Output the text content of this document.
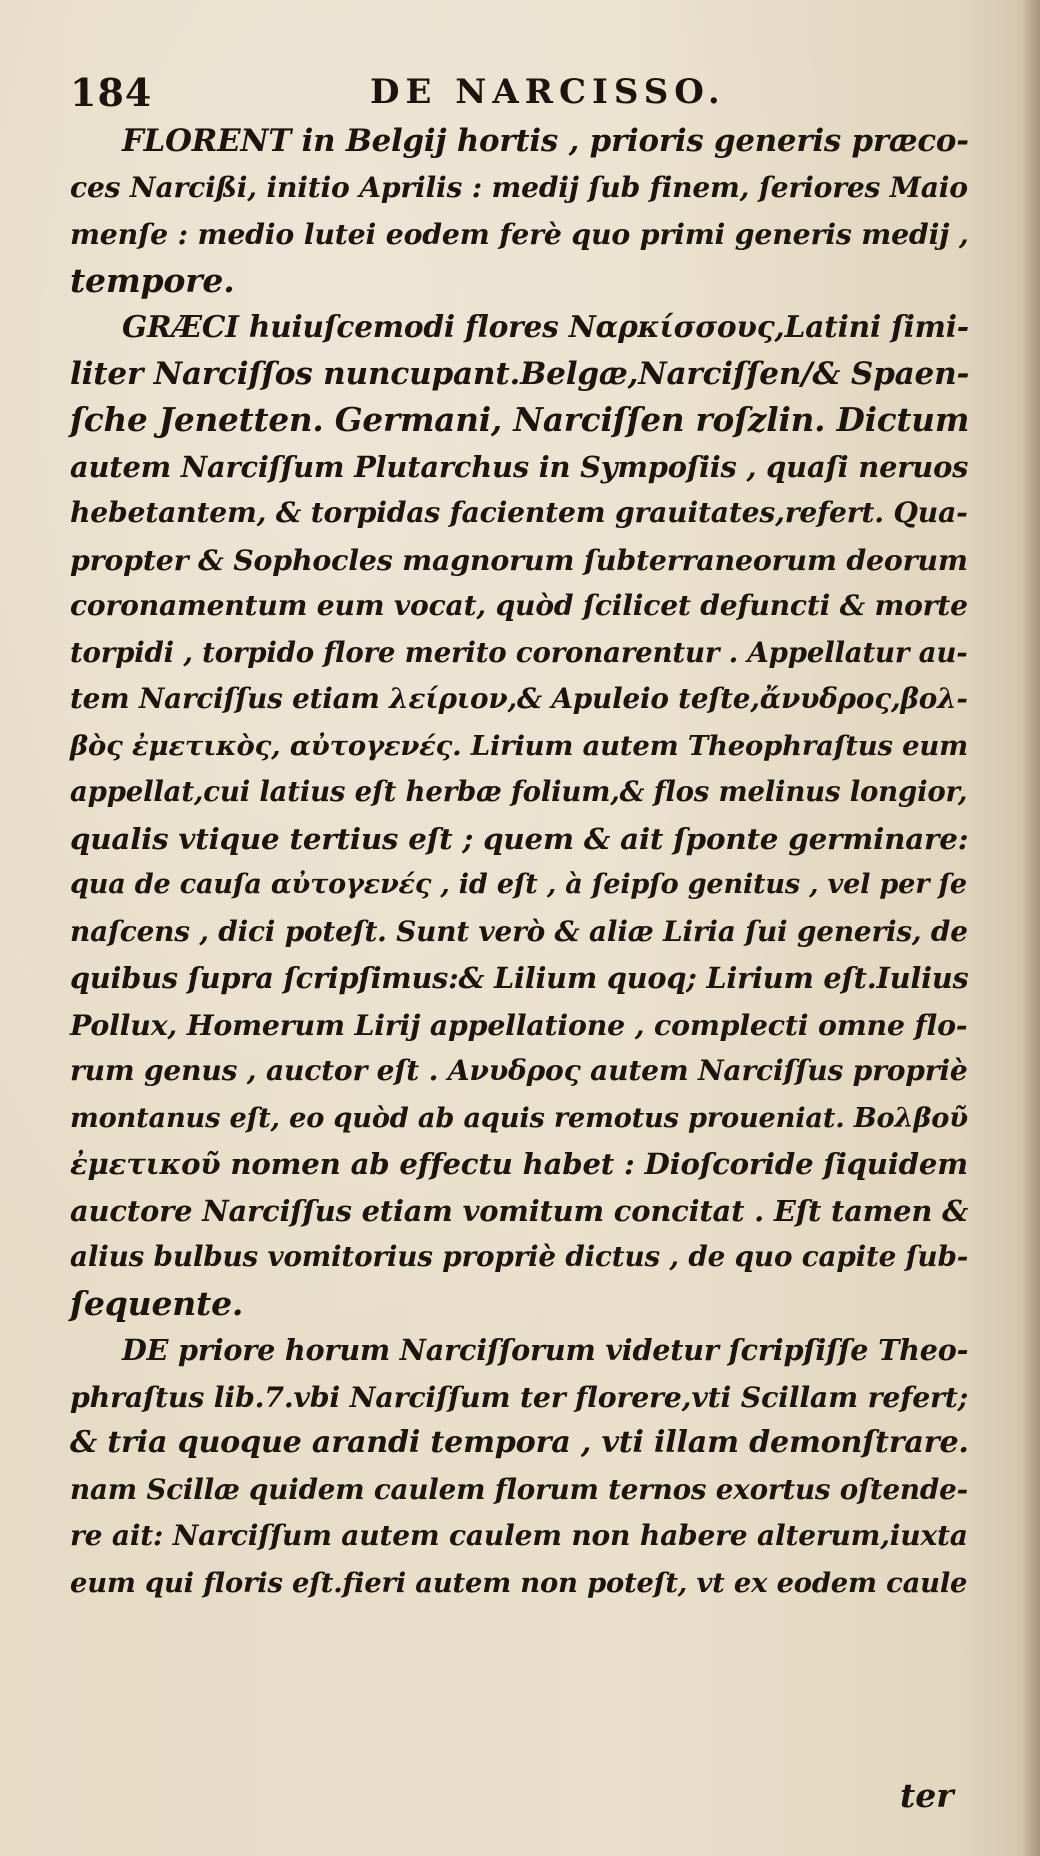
184	DE NARCISSO.
FLORENT in Belgij hortis , prioris generis præco-
ces Narcißi, initio Aprilis : medij ſub finem, ſeriores Maio
menſe : medio lutei eodem ferè quo primi generis medij ,
tempore.
GRÆCI huiuſcemodi flores Ναρκίσσους,Latini ſimi-
liter Narciſſos nuncupant.Belgæ,Narciſſen/& Spaen-
ſche Jenetten. Germani, Narciſſen roſzlin. Dictum
autem Narciſſum Plutarchus in Sympoſiis , quaſi neruos
hebetantem, & torpidas facientem grauitates,refert. Qua-
propter & Sophocles magnorum ſubterraneorum deorum
coronamentum eum vocat, quòd ſcilicet defuncti & morte
torpidi , torpido flore merito coronarentur . Appellatur au-
tem Narciſſus etiam λείριον,& Apuleio teſte,ἄνυδρος,βολ-
βὸς ἐμετικὸς, αὐτογενές. Lirium autem Theophraſtus eum
appellat,cui latius eſt herbæ folium,& flos melinus longior,
qualis vtique tertius eſt ; quem & ait ſponte germinare:
qua de cauſa αὐτογενές , id eſt , à ſeipſo genitus , vel per ſe
naſcens , dici poteſt. Sunt verò & aliæ Liria ſui generis, de
quibus ſupra ſcripſimus:& Lilium quoq; Lirium eſt.Iulius
Pollux, Homerum Lirij appellatione , complecti omne flo-
rum genus , auctor eſt . Ανυδρος autem Narciſſus propriè
montanus eſt, eo quòd ab aquis remotus proueniat. Βολβοῦ
ἐμετικοῦ nomen ab effectu habet : Dioſcoride ſiquidem
auctore Narciſſus etiam vomitum concitat . Eſt tamen &
alius bulbus vomitorius propriè dictus , de quo capite ſub-
ſequente.
DE priore horum Narciſſorum videtur ſcripſiſſe Theo-
phraſtus lib.7.vbi Narciſſum ter florere,vti Scillam refert;
& tria quoque arandi tempora , vti illam demonſtrare.
nam Scillæ quidem caulem florum ternos exortus oſtende-
re ait: Narciſſum autem caulem non habere alterum,iuxta
eum qui floris eſt.fieri autem non poteſt, vt ex eodem caule
ter
